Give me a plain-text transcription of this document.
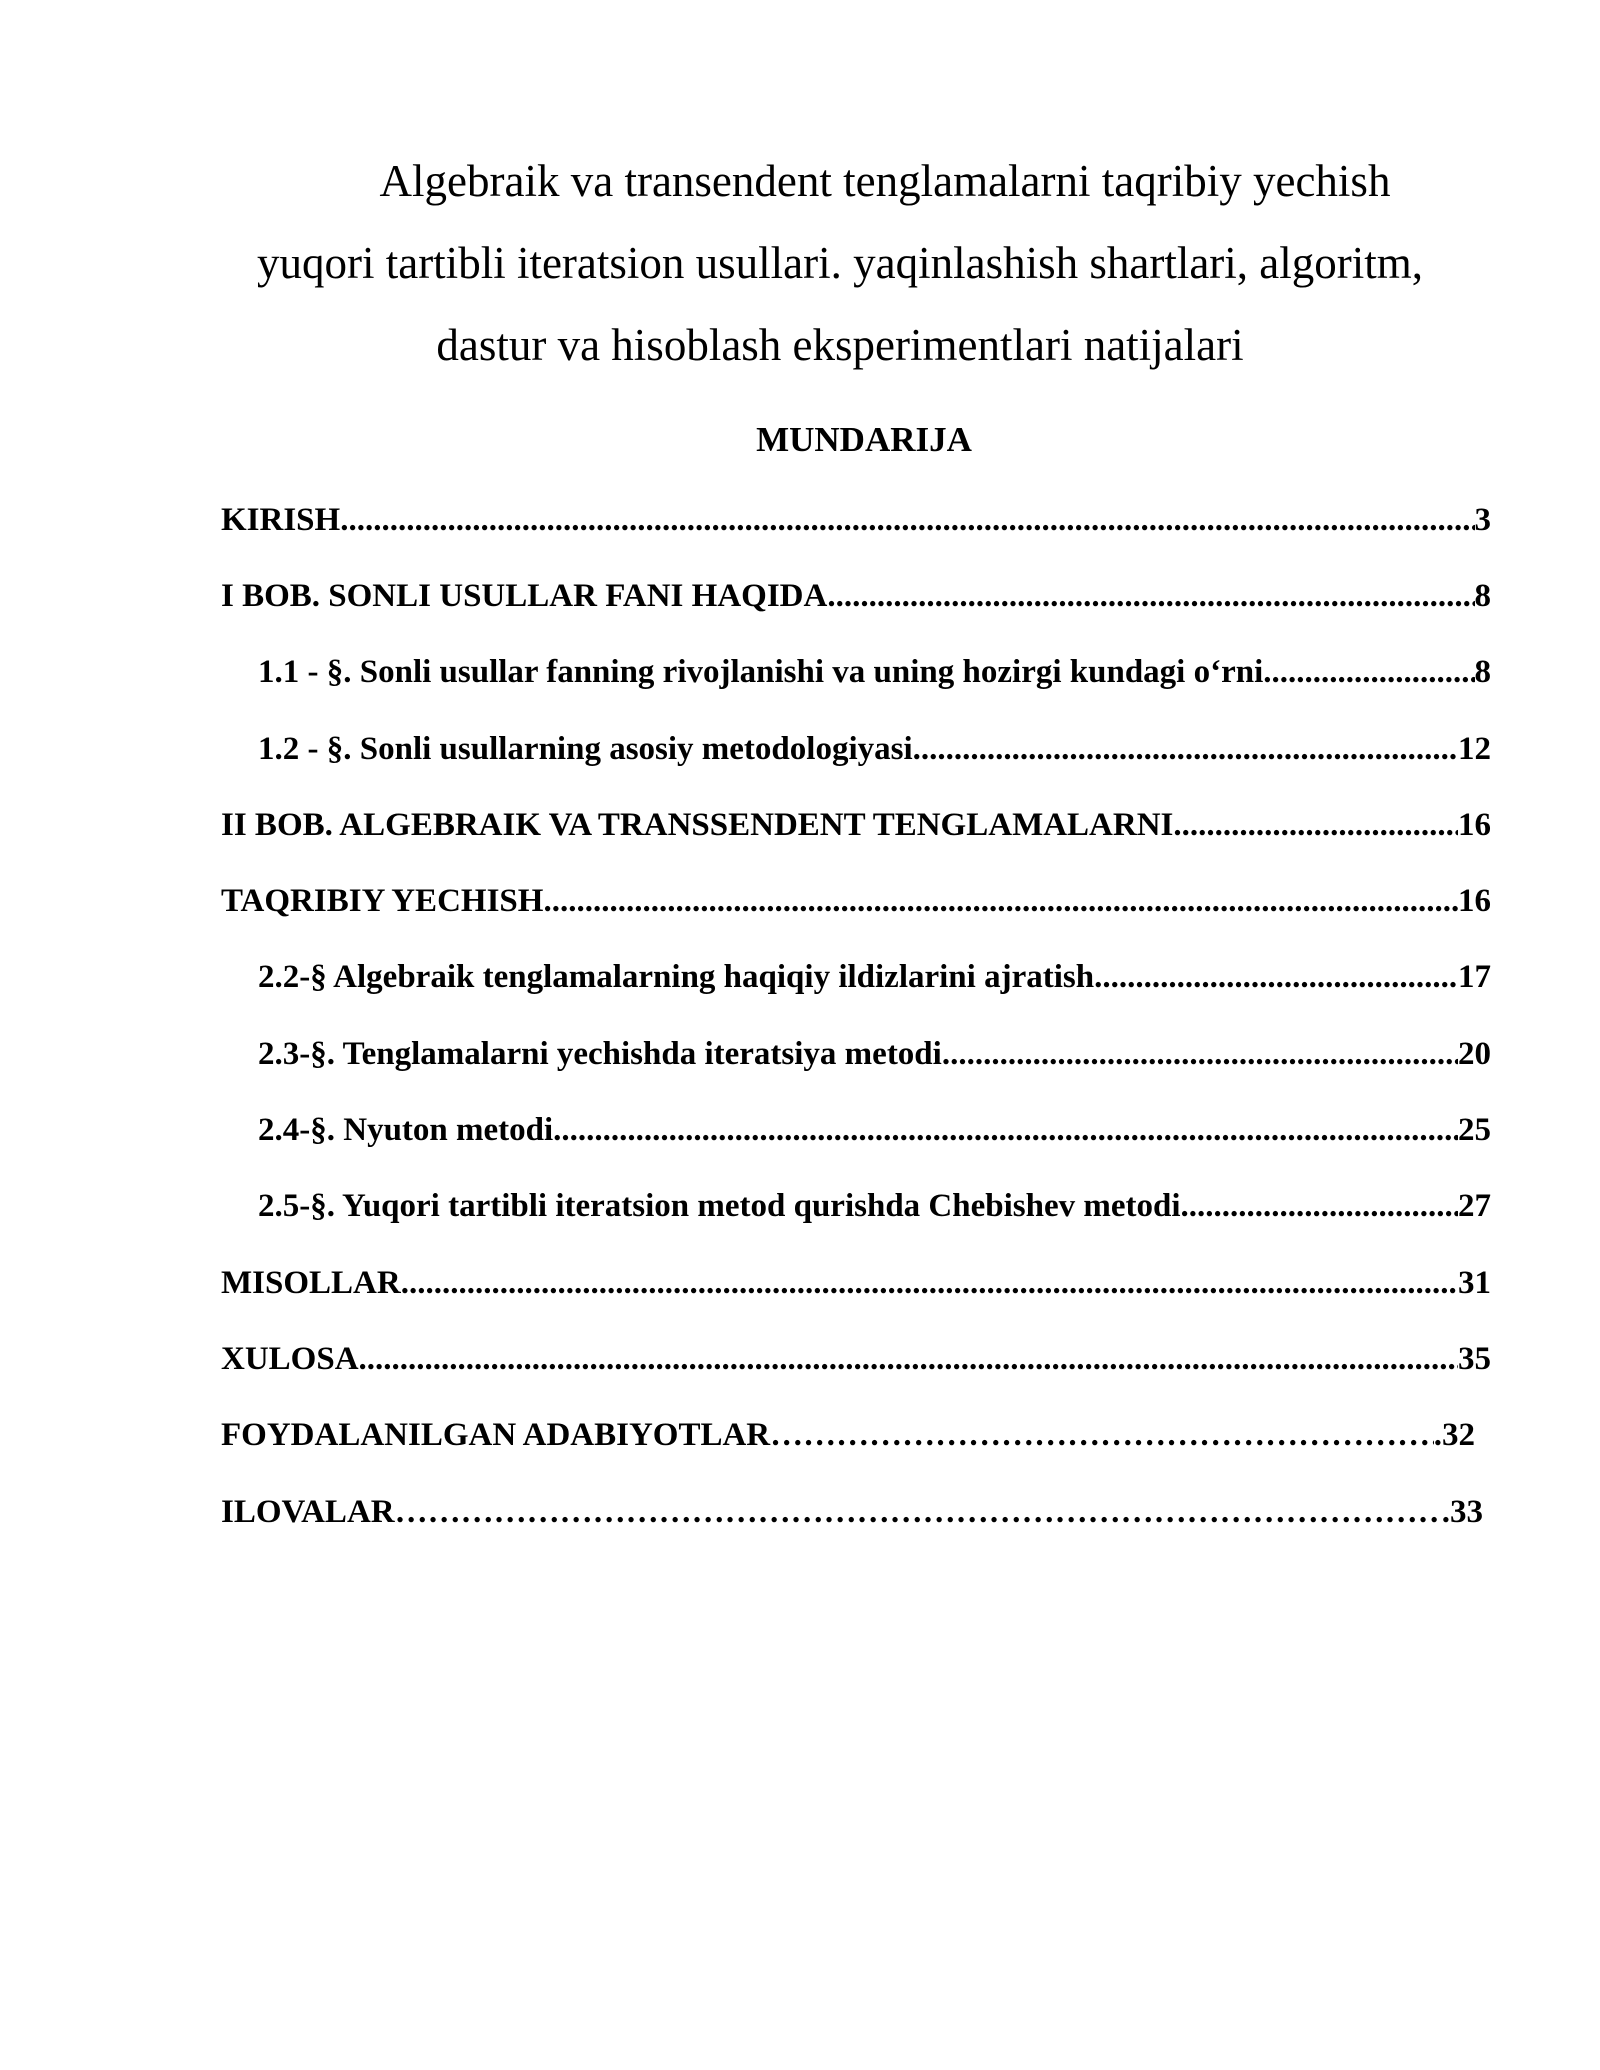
Algebraik va transendent tenglamalarni taqribiy yechish
yuqori tartibli iteratsion usullari. yaqinlashish shartlari, algoritm,
dastur va hisoblash eksperimentlari natijalari
MUNDARIJA
KIRISH .....	3
I BOB. SONLI USULLAR FANI HAQIDA .....	8
1.1 - §. Sonli usullar fanning rivojlanishi va uning hozirgi kundagi o‘rni .....	8
1.2 - §. Sonli usullarning asosiy metodologiyasi .....	12
II BOB. ALGEBRAIK VA TRANSSENDENT TENGLAMALARNI .....	16
TAQRIBIY YECHISH .....	16
2.2-§ Algebraik tenglamalarning haqiqiy ildizlarini ajratish .....	17
2.3-§. Tenglamalarni yechishda iteratsiya metodi .....	20
2.4-§. Nyuton metodi .....	25
2.5-§. Yuqori tartibli iteratsion metod qurishda Chebishev metodi .....	27
MISOLLAR .....	31
XULOSA .....	35
FOYDALANILGAN ADABIYOTLAR …………………………………………………………………………………………………………………………………………	.32
ILOVALAR …………………………………………………………………………………………………………………………………………	.33
